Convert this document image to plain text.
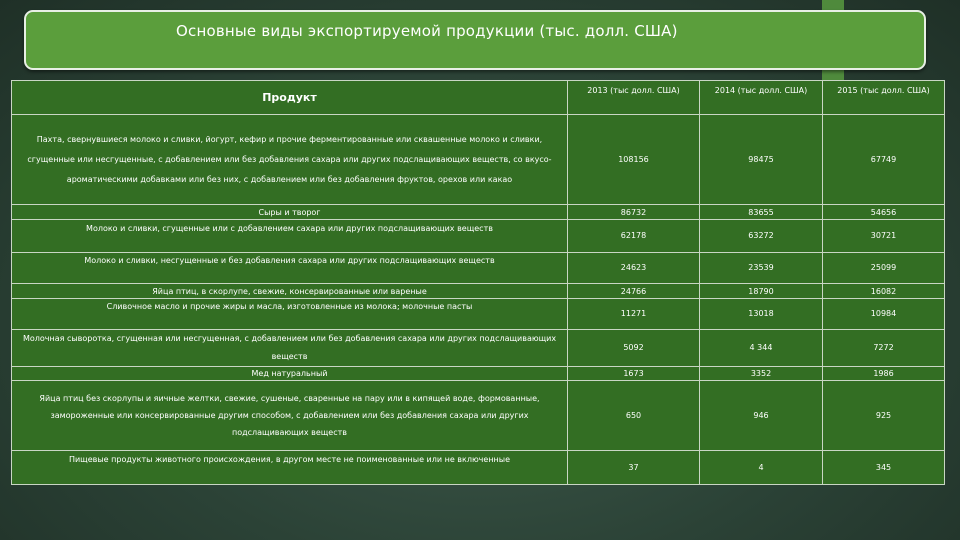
Основные виды экспортируемой продукции (тыс. долл. США)
Продукт	2013 (тыс долл. США)	2014 (тыс долл. США)	2015 (тыс долл. США)
Пахта, свернувшиеся молоко и сливки, йогурт, кефир и прочие ферментированные или сквашенные молоко и сливки, сгущенные или несгущенные, с добавлением или без добавления сахара или других подслащивающих веществ, со вкусо-ароматическими добавками или без них, с добавлением или без добавления фруктов, орехов или какао	108156	98475	67749
Сыры и творог	86732	83655	54656
Молоко и сливки, сгущенные или с добавлением сахара или других подслащивающих веществ	62178	63272	30721
Молоко и сливки, несгущенные и без добавления сахара или других подслащивающих веществ	24623	23539	25099
Яйца птиц, в скорлупе, свежие, консервированные или вареные	24766	18790	16082
Сливочное масло и прочие жиры и масла, изготовленные из молока; молочные пасты	11271	13018	10984
Молочная сыворотка, сгущенная или несгущенная, с добавлением или без добавления сахара или других подслащивающих веществ	5092	4 344	7272
Мед натуральный	1673	3352	1986
Яйца птиц без скорлупы и яичные желтки, свежие, сушеные, сваренные на пару или в кипящей воде, формованные, замороженные или консервированные другим способом, с добавлением или без добавления сахара или других подслащивающих веществ	650	946	925
Пищевые продукты животного происхождения, в другом месте не поименованные или не включенные	37	4	345
